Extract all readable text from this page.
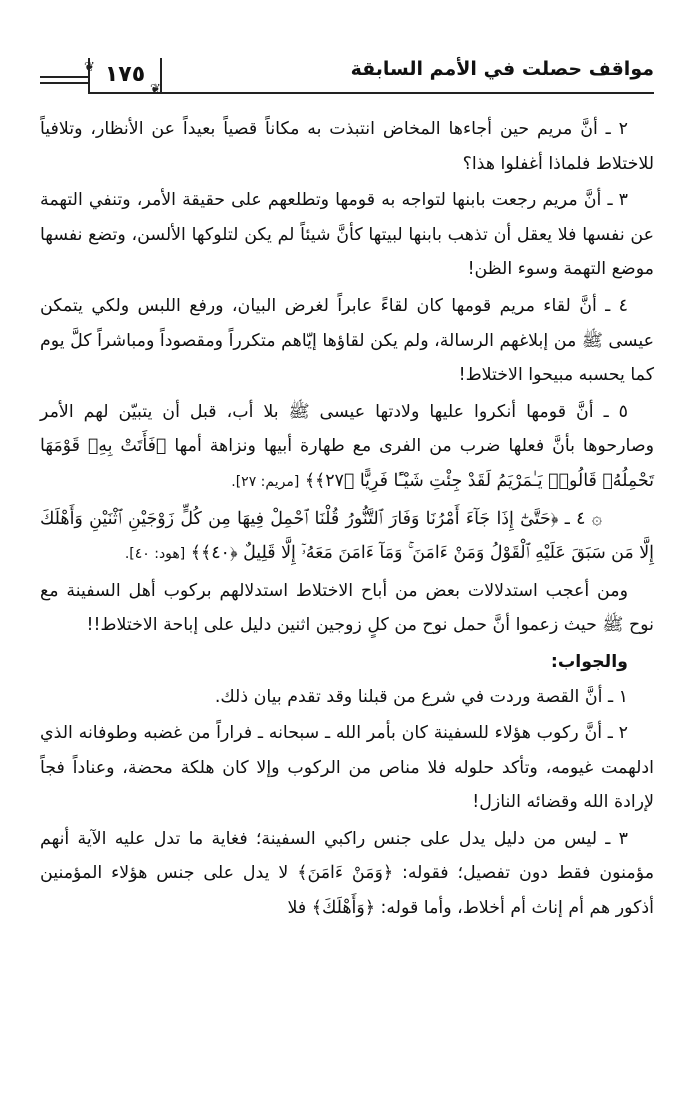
مواقف حصلت في الأمم السابقة
١٧٥
❦
❦

٢ ـ أنَّ مريم حين أجاءها المخاض انتبذت به مكاناً قصياً بعيداً عن الأنظار، وتلافياً للاختلاط فلماذا أغفلوا هذا؟

٣ ـ أنَّ مريم رجعت بابنها لتواجه به قومها وتطلعهم على حقيقة الأمر، وتنفي التهمة عن نفسها فلا يعقل أن تذهب بابنها لبيتها كأنَّ شيئاً لم يكن لتلوكها الألسن، وتضع نفسها موضع التهمة وسوء الظن!

٤ ـ أنَّ لقاء مريم قومها كان لقاءً عابراً لغرض البيان، ورفع اللبس ولكي يتمكن عيسى ﷺ من إبلاغهم الرسالة، ولم يكن لقاؤها إيّاهم متكرراً ومقصوداً ومباشراً كلَّ يوم كما يحسبه مبيحوا الاختلاط!

٥ ـ أنَّ قومها أنكروا عليها ولادتها عيسى ﷺ بلا أب، قبل أن يتبيّن لهم الأمر وصارحوها بأنَّ فعلها ضرب من الفرى مع طهارة أبيها ونزاهة أمها ﴿فَأَتَتْ بِهِۦ قَوْمَهَا تَحْمِلُهُۥ قَالُوا۟ يَـٰمَرْيَمُ لَقَدْ جِئْتِ شَيْـًٔا فَرِيًّا ﴿٢٧﴾﴾ [مريم: ٢٧].

۞ ٤ ـ ﴿حَتَّىٰٓ إِذَا جَآءَ أَمْرُنَا وَفَارَ ٱلتَّنُّورُ قُلْنَا ٱحْمِلْ فِيهَا مِن كُلٍّ زَوْجَيْنِ ٱثْنَيْنِ وَأَهْلَكَ إِلَّا مَن سَبَقَ عَلَيْهِ ٱلْقَوْلُ وَمَنْ ءَامَنَ ۚ وَمَآ ءَامَنَ مَعَهُۥٓ إِلَّا قَلِيلٌ ﴿٤٠﴾﴾ [هود: ٤٠].

ومن أعجب استدلالات بعض من أباح الاختلاط استدلالهم بركوب أهل السفينة مع نوح ﷺ حيث زعموا أنَّ حمل نوح من كلٍ زوجين اثنين دليل على إباحة الاختلاط!!

والجواب:

١ ـ أنَّ القصة وردت في شرع من قبلنا وقد تقدم بيان ذلك.

٢ ـ أنَّ ركوب هؤلاء للسفينة كان بأمر الله ـ سبحانه ـ فراراً من غضبه وطوفانه الذي ادلهمت غيومه، وتأكد حلوله فلا مناص من الركوب وإلا كان هلكة محضة، وعناداً فجاً لإرادة الله وقضائه النازل!

٣ ـ ليس من دليل يدل على جنس راكبي السفينة؛ فغاية ما تدل عليه الآية أنهم مؤمنون فقط دون تفصيل؛ فقوله: ﴿وَمَنْ ءَامَنَ﴾ لا يدل على جنس هؤلاء المؤمنين أذكور هم أم إناث أم أخلاط، وأما قوله: ﴿وَأَهْلَكَ﴾ فلا
